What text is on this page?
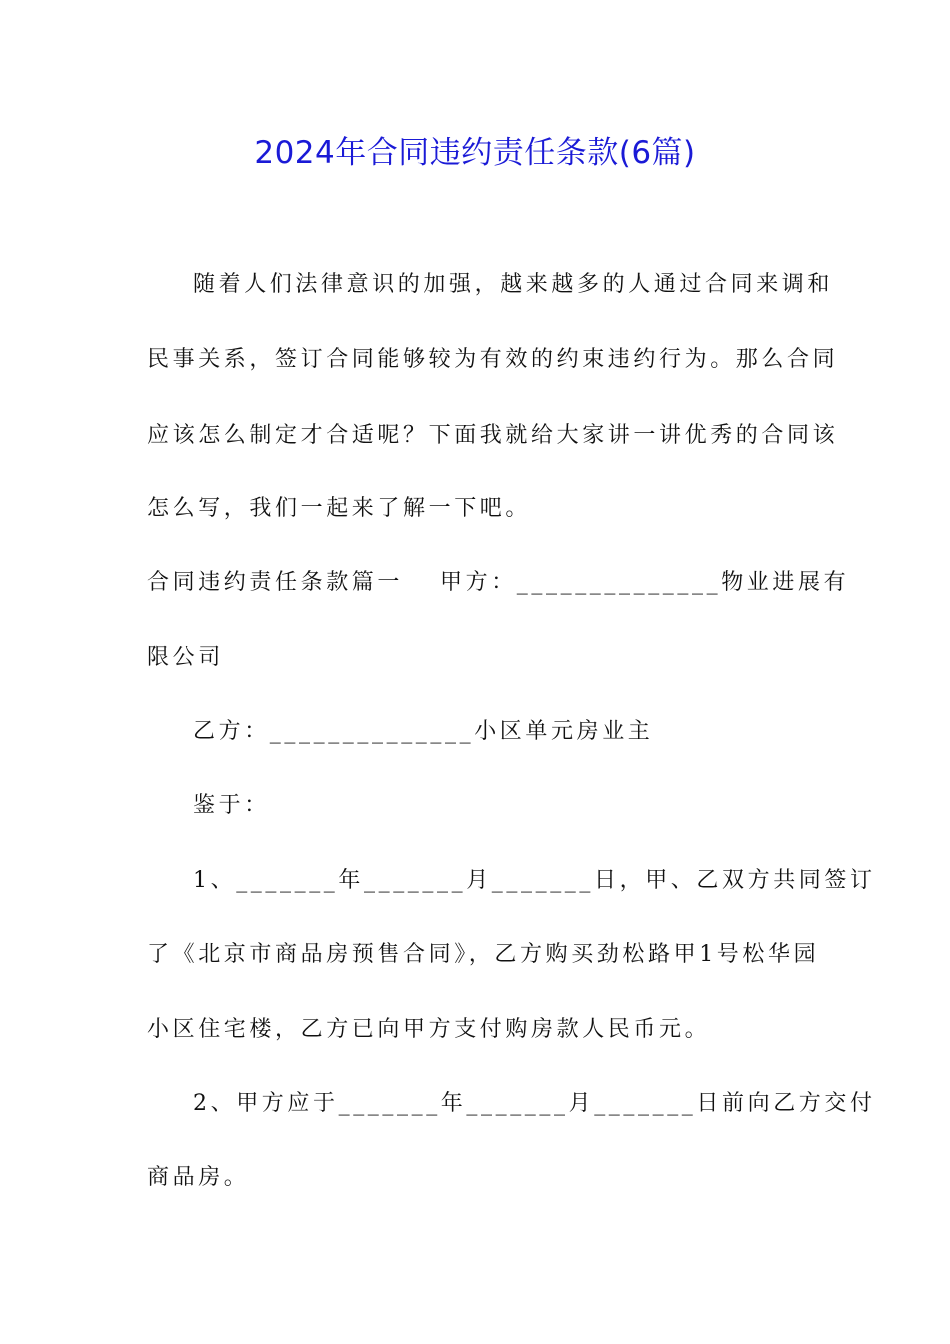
2024年合同违约责任条款(6篇)
随着人们法律意识的加强，越来越多的人通过合同来调和
民事关系，签订合同能够较为有效的约束违约行为。那么合同
应该怎么制定才合适呢？下面我就给大家讲一讲优秀的合同该
怎么写，我们一起来了解一下吧。
合同违约责任条款篇一 甲方：______________物业进展有
限公司
乙方：______________小区单元房业主
鉴于：
1、_______年_______月_______日，甲、乙双方共同签订
了《北京市商品房预售合同》，乙方购买劲松路甲1号松华园
小区住宅楼，乙方已向甲方支付购房款人民币元。
2、甲方应于_______年_______月_______日前向乙方交付
商品房。
